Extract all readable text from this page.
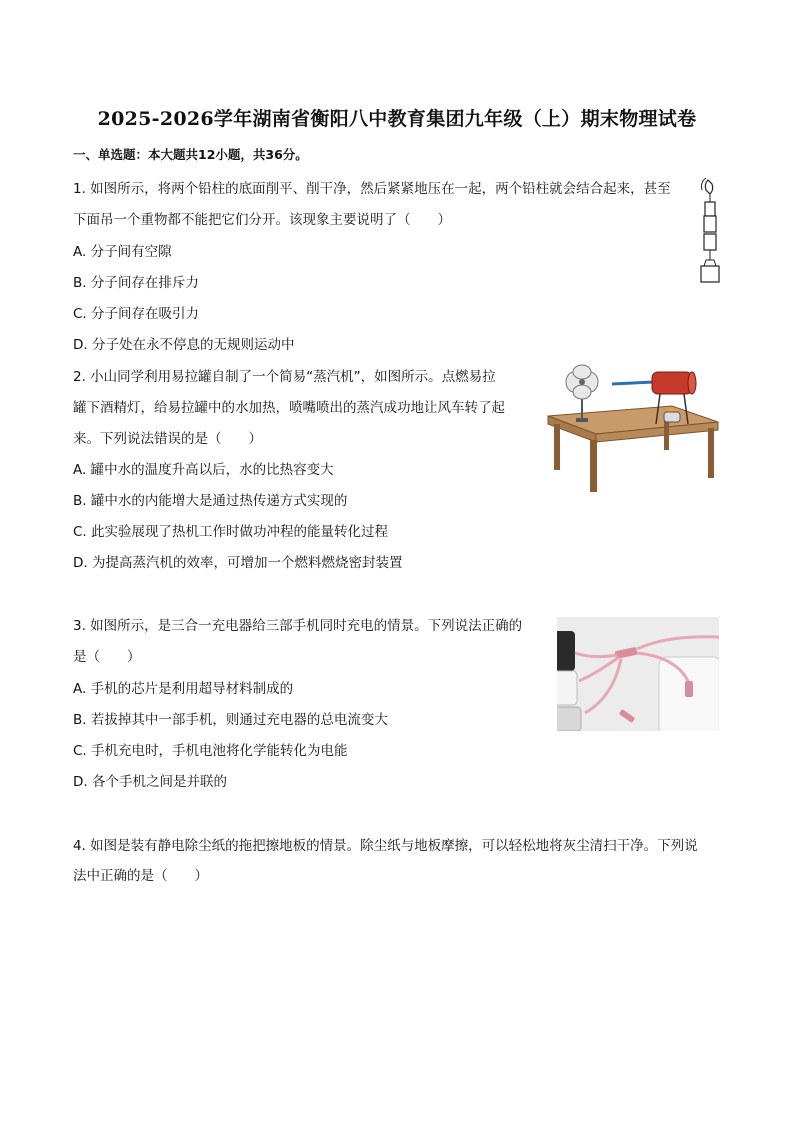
2025-2026学年湖南省衡阳八中教育集团九年级（上）期末物理试卷
一、单选题：本大题共12小题，共36分。
1. 如图所示，将两个铅柱的底面削平、削干净，然后紧紧地压在一起，两个铅柱就会结合起来，甚至
下面吊一个重物都不能把它们分开。该现象主要说明了（　　）
A. 分子间有空隙
B. 分子间存在排斥力
C. 分子间存在吸引力
D. 分子处在永不停息的无规则运动中
2. 小山同学利用易拉罐自制了一个简易“蒸汽机”，如图所示。点燃易拉
罐下酒精灯，给易拉罐中的水加热，喷嘴喷出的蒸汽成功地让风车转了起
来。下列说法错误的是（　　）
A. 罐中水的温度升高以后，水的比热容变大
B. 罐中水的内能增大是通过热传递方式实现的
C. 此实验展现了热机工作时做功冲程的能量转化过程
D. 为提高蒸汽机的效率，可增加一个燃料燃烧密封装置
3. 如图所示，是三合一充电器给三部手机同时充电的情景。下列说法正确的
是（　　）
A. 手机的芯片是利用超导材料制成的
B. 若拔掉其中一部手机，则通过充电器的总电流变大
C. 手机充电时，手机电池将化学能转化为电能
D. 各个手机之间是并联的
4. 如图是装有静电除尘纸的拖把擦地板的情景。除尘纸与地板摩擦，可以轻松地将灰尘清扫干净。下列说
法中正确的是（　　）
